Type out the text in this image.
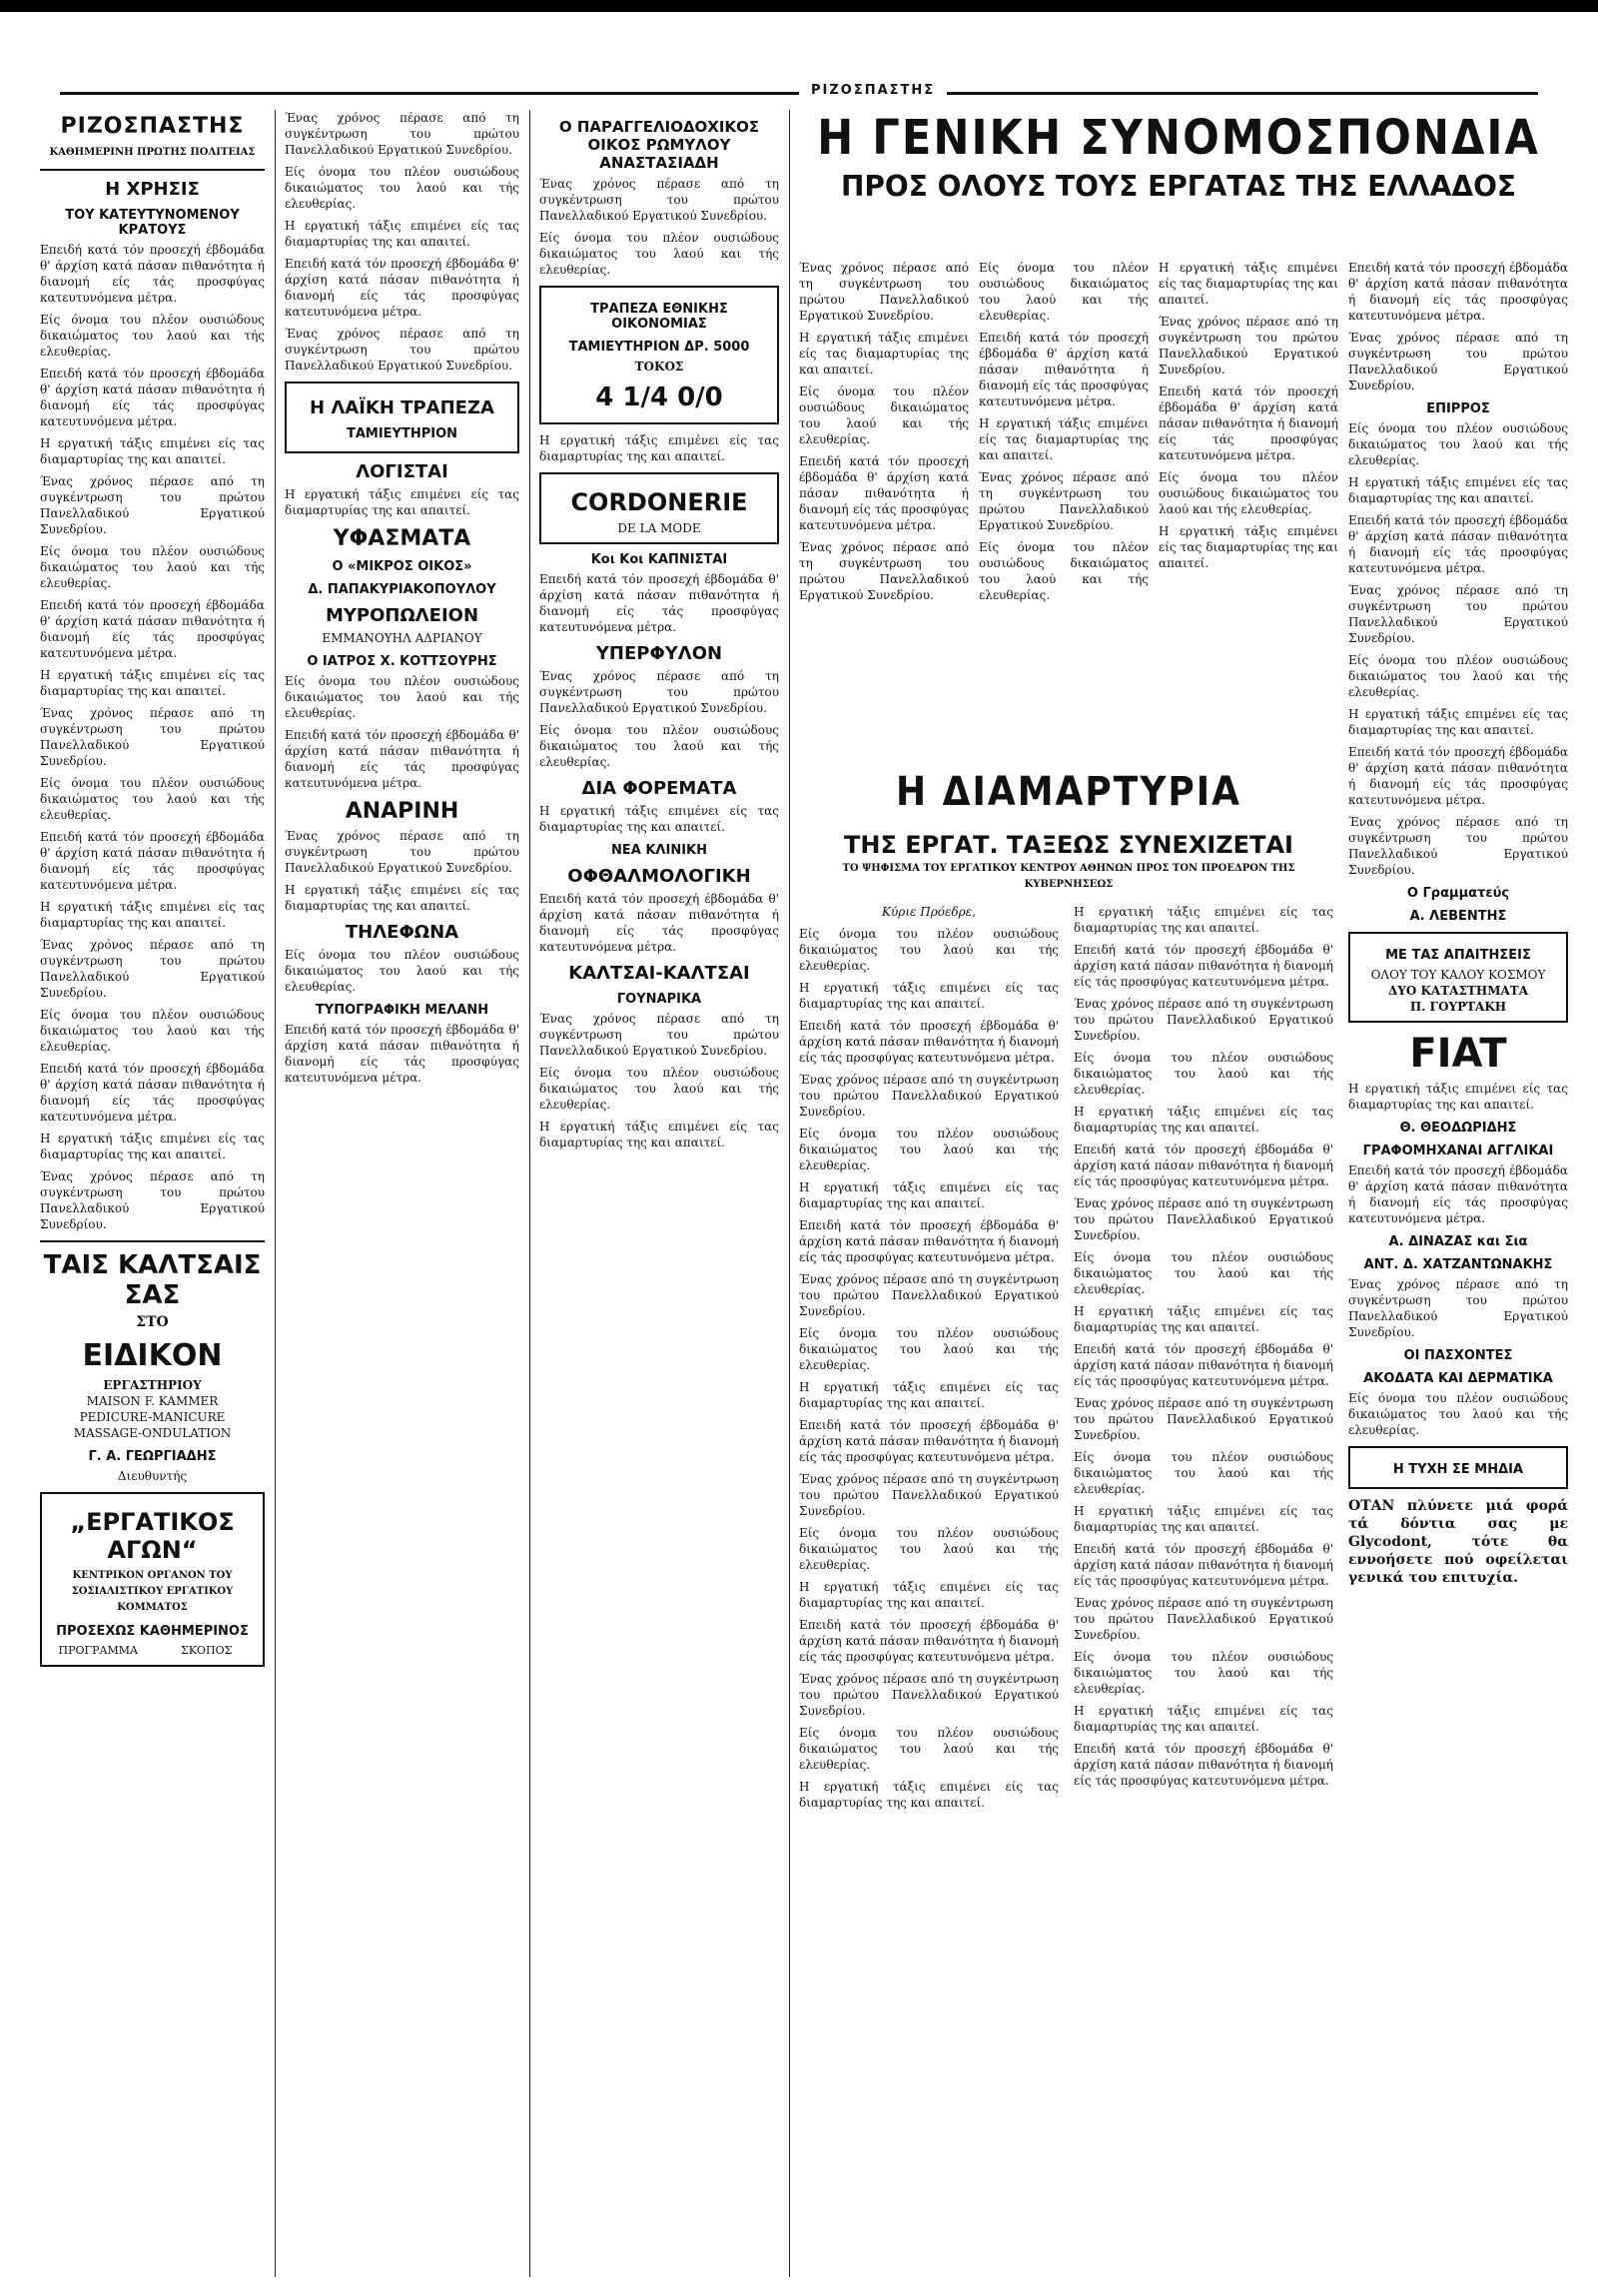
ΡΙΖΟΣΠΑΣΤΗΣ
ΡΙΖΟΣΠΑΣΤΗΣ
ΚΑΘΗΜΕΡΙΝΗ ΠΡΩΤΗΣ ΠΟΛΙΤΕΙΑΣ
Η ΧΡΗΣΙΣ
ΤΟΥ ΚΑΤΕΥΤΥΝΟΜΕΝΟΥ ΚΡΑΤΟΥΣ

Επειδή κατά τόν προσεχή έβδομάδα θ' άρχίση κατά πάσαν πιθανότητα ή διανομή είς τάς προσφύγας κατευτυνόμενα μέτρα.

Είς όνομα του πλέον ουσιώδους δικαιώματος του λαού και τής ελευθερίας.

Επειδή κατά τόν προσεχή έβδομάδα θ' άρχίση κατά πάσαν πιθανότητα ή διανομή είς τάς προσφύγας κατευτυνόμενα μέτρα.

Η εργατική τάξις επιμένει είς τας διαμαρτυρίας της και απαιτεί.

Ένας χρόνος πέρασε από τη συγκέντρωση του πρώτου Πανελλαδικού Εργατικού Συνεδρίου.

Είς όνομα του πλέον ουσιώδους δικαιώματος του λαού και τής ελευθερίας.

Επειδή κατά τόν προσεχή έβδομάδα θ' άρχίση κατά πάσαν πιθανότητα ή διανομή είς τάς προσφύγας κατευτυνόμενα μέτρα.

Η εργατική τάξις επιμένει είς τας διαμαρτυρίας της και απαιτεί.

Ένας χρόνος πέρασε από τη συγκέντρωση του πρώτου Πανελλαδικού Εργατικού Συνεδρίου.

Είς όνομα του πλέον ουσιώδους δικαιώματος του λαού και τής ελευθερίας.

Επειδή κατά τόν προσεχή έβδομάδα θ' άρχίση κατά πάσαν πιθανότητα ή διανομή είς τάς προσφύγας κατευτυνόμενα μέτρα.

Η εργατική τάξις επιμένει είς τας διαμαρτυρίας της και απαιτεί.

Ένας χρόνος πέρασε από τη συγκέντρωση του πρώτου Πανελλαδικού Εργατικού Συνεδρίου.

Είς όνομα του πλέον ουσιώδους δικαιώματος του λαού και τής ελευθερίας.

Επειδή κατά τόν προσεχή έβδομάδα θ' άρχίση κατά πάσαν πιθανότητα ή διανομή είς τάς προσφύγας κατευτυνόμενα μέτρα.

Η εργατική τάξις επιμένει είς τας διαμαρτυρίας της και απαιτεί.

Ένας χρόνος πέρασε από τη συγκέντρωση του πρώτου Πανελλαδικού Εργατικού Συνεδρίου.

ΤΑΙΣ ΚΑΛΤΣΑΙΣ ΣΑΣ
ΣΤΟ
ΕΙΔΙΚΟΝ
ΕΡΓΑΣΤΗΡΙΟΥ
MAISON F. KAMMER
PEDICURE-MANICURE
MASSAGE-ONDULATION
Γ. Α. ΓΕΩΡΓΙΑΔΗΣ
Διευθυντής
„ΕΡΓΑΤΙΚΟΣ ΑΓΩΝ“
ΚΕΝΤΡΙΚΟΝ ΟΡΓΑΝΟΝ ΤΟΥ ΣΟΣΙΑΛΙΣΤΙΚΟΥ ΕΡΓΑΤΙΚΟΥ ΚΟΜΜΑΤΟΣ
ΠΡΟΣΕΧΩΣ ΚΑΘΗΜΕΡΙΝΟΣ
ΠΡΟΓΡΑΜΜΑ	ΣΚΟΠΟΣ

Ένας χρόνος πέρασε από τη συγκέντρωση του πρώτου Πανελλαδικού Εργατικού Συνεδρίου.

Είς όνομα του πλέον ουσιώδους δικαιώματος του λαού και τής ελευθερίας.

Η εργατική τάξις επιμένει είς τας διαμαρτυρίας της και απαιτεί.

Επειδή κατά τόν προσεχή έβδομάδα θ' άρχίση κατά πάσαν πιθανότητα ή διανομή είς τάς προσφύγας κατευτυνόμενα μέτρα.

Ένας χρόνος πέρασε από τη συγκέντρωση του πρώτου Πανελλαδικού Εργατικού Συνεδρίου.

Η ΛΑΪΚΗ ΤΡΑΠΕΖΑ
ΤΑΜΙΕΥΤΗΡΙΟΝ
ΛΟΓΙΣΤΑΙ

Η εργατική τάξις επιμένει είς τας διαμαρτυρίας της και απαιτεί.

ΥΦΑΣΜΑΤΑ
Ο «ΜΙΚΡΟΣ ΟΙΚΟΣ»
Δ. ΠΑΠΑΚΥΡΙΑΚΟΠΟΥΛΟΥ
ΜΥΡΟΠΩΛΕΙΟΝ
ΕΜΜΑΝΟΥΗΛ ΑΔΡΙΑΝΟΥ
Ο ΙΑΤΡΟΣ Χ. ΚΟΤΤΣΟΥΡΗΣ

Είς όνομα του πλέον ουσιώδους δικαιώματος του λαού και τής ελευθερίας.

Επειδή κατά τόν προσεχή έβδομάδα θ' άρχίση κατά πάσαν πιθανότητα ή διανομή είς τάς προσφύγας κατευτυνόμενα μέτρα.

ΑΝΑΡΙΝΗ

Ένας χρόνος πέρασε από τη συγκέντρωση του πρώτου Πανελλαδικού Εργατικού Συνεδρίου.

Η εργατική τάξις επιμένει είς τας διαμαρτυρίας της και απαιτεί.

ΤΗΛΕΦΩΝΑ

Είς όνομα του πλέον ουσιώδους δικαιώματος του λαού και τής ελευθερίας.

ΤΥΠΟΓΡΑΦΙΚΗ ΜΕΛΑΝΗ

Επειδή κατά τόν προσεχή έβδομάδα θ' άρχίση κατά πάσαν πιθανότητα ή διανομή είς τάς προσφύγας κατευτυνόμενα μέτρα.

Ο ΠΑΡΑΓΓΕΛΙΟΔΟΧΙΚΟΣ ΟΙΚΟΣ ΡΩΜΥΛΟΥ ΑΝΑΣΤΑΣΙΑΔΗ

Ένας χρόνος πέρασε από τη συγκέντρωση του πρώτου Πανελλαδικού Εργατικού Συνεδρίου.

Είς όνομα του πλέον ουσιώδους δικαιώματος του λαού και τής ελευθερίας.

ΤΡΑΠΕΖΑ ΕΘΝΙΚΗΣ ΟΙΚΟΝΟΜΙΑΣ
ΤΑΜΙΕΥΤΗΡΙΟΝ ΔΡ. 5000
ΤΟΚΟΣ
4 1/4 0/0

Η εργατική τάξις επιμένει είς τας διαμαρτυρίας της και απαιτεί.

CORDONERIE
DE LA MODE
Κοι Κοι ΚΑΠΝΙΣΤΑΙ

Επειδή κατά τόν προσεχή έβδομάδα θ' άρχίση κατά πάσαν πιθανότητα ή διανομή είς τάς προσφύγας κατευτυνόμενα μέτρα.

ΥΠΕΡΦΥΛΟΝ

Ένας χρόνος πέρασε από τη συγκέντρωση του πρώτου Πανελλαδικού Εργατικού Συνεδρίου.

Είς όνομα του πλέον ουσιώδους δικαιώματος του λαού και τής ελευθερίας.

ΔΙΑ ΦΟΡΕΜΑΤΑ

Η εργατική τάξις επιμένει είς τας διαμαρτυρίας της και απαιτεί.

ΝΕΑ ΚΛΙΝΙΚΗ
ΟΦΘΑΛΜΟΛΟΓΙΚΗ

Επειδή κατά τόν προσεχή έβδομάδα θ' άρχίση κατά πάσαν πιθανότητα ή διανομή είς τάς προσφύγας κατευτυνόμενα μέτρα.

ΚΑΛΤΣΑΙ-ΚΑΛΤΣΑΙ
ΓΟΥΝΑΡΙΚΑ

Ένας χρόνος πέρασε από τη συγκέντρωση του πρώτου Πανελλαδικού Εργατικού Συνεδρίου.

Είς όνομα του πλέον ουσιώδους δικαιώματος του λαού και τής ελευθερίας.

Η εργατική τάξις επιμένει είς τας διαμαρτυρίας της και απαιτεί.

Η ΓΕΝΙΚΗ ΣΥΝΟΜΟΣΠΟΝΔΙΑ
ΠΡΟΣ ΟΛΟΥΣ ΤΟΥΣ ΕΡΓΑΤΑΣ ΤΗΣ ΕΛΛΑΔΟΣ

Ένας χρόνος πέρασε από τη συγκέντρωση του πρώτου Πανελλαδικού Εργατικού Συνεδρίου.

Η εργατική τάξις επιμένει είς τας διαμαρτυρίας της και απαιτεί.

Είς όνομα του πλέον ουσιώδους δικαιώματος του λαού και τής ελευθερίας.

Επειδή κατά τόν προσεχή έβδομάδα θ' άρχίση κατά πάσαν πιθανότητα ή διανομή είς τάς προσφύγας κατευτυνόμενα μέτρα.

Ένας χρόνος πέρασε από τη συγκέντρωση του πρώτου Πανελλαδικού Εργατικού Συνεδρίου.

Είς όνομα του πλέον ουσιώδους δικαιώματος του λαού και τής ελευθερίας.

Επειδή κατά τόν προσεχή έβδομάδα θ' άρχίση κατά πάσαν πιθανότητα ή διανομή είς τάς προσφύγας κατευτυνόμενα μέτρα.

Η εργατική τάξις επιμένει είς τας διαμαρτυρίας της και απαιτεί.

Ένας χρόνος πέρασε από τη συγκέντρωση του πρώτου Πανελλαδικού Εργατικού Συνεδρίου.

Είς όνομα του πλέον ουσιώδους δικαιώματος του λαού και τής ελευθερίας.

Η εργατική τάξις επιμένει είς τας διαμαρτυρίας της και απαιτεί.

Ένας χρόνος πέρασε από τη συγκέντρωση του πρώτου Πανελλαδικού Εργατικού Συνεδρίου.

Επειδή κατά τόν προσεχή έβδομάδα θ' άρχίση κατά πάσαν πιθανότητα ή διανομή είς τάς προσφύγας κατευτυνόμενα μέτρα.

Είς όνομα του πλέον ουσιώδους δικαιώματος του λαού και τής ελευθερίας.

Η εργατική τάξις επιμένει είς τας διαμαρτυρίας της και απαιτεί.

Επειδή κατά τόν προσεχή έβδομάδα θ' άρχίση κατά πάσαν πιθανότητα ή διανομή είς τάς προσφύγας κατευτυνόμενα μέτρα.

Ένας χρόνος πέρασε από τη συγκέντρωση του πρώτου Πανελλαδικού Εργατικού Συνεδρίου.

ΕΠΙΡΡΟΣ

Είς όνομα του πλέον ουσιώδους δικαιώματος του λαού και τής ελευθερίας.

Η εργατική τάξις επιμένει είς τας διαμαρτυρίας της και απαιτεί.

Επειδή κατά τόν προσεχή έβδομάδα θ' άρχίση κατά πάσαν πιθανότητα ή διανομή είς τάς προσφύγας κατευτυνόμενα μέτρα.

Ένας χρόνος πέρασε από τη συγκέντρωση του πρώτου Πανελλαδικού Εργατικού Συνεδρίου.

Είς όνομα του πλέον ουσιώδους δικαιώματος του λαού και τής ελευθερίας.

Η εργατική τάξις επιμένει είς τας διαμαρτυρίας της και απαιτεί.

Επειδή κατά τόν προσεχή έβδομάδα θ' άρχίση κατά πάσαν πιθανότητα ή διανομή είς τάς προσφύγας κατευτυνόμενα μέτρα.

Ένας χρόνος πέρασε από τη συγκέντρωση του πρώτου Πανελλαδικού Εργατικού Συνεδρίου.

Ο Γραμματεύς
Α. ΛΕΒΕΝΤΗΣ
ΜΕ ΤΑΣ ΑΠΑΙΤΗΣΕΙΣ
ΟΛΟΥ ΤΟΥ ΚΑΛΟΥ ΚΟΣΜΟΥ
ΔΥΟ ΚΑΤΑΣΤΗΜΑΤΑ
Π. ΓΟΥΡΤΑΚΗ
FIAT

Η εργατική τάξις επιμένει είς τας διαμαρτυρίας της και απαιτεί.

Θ. ΘΕΟΔΩΡΙΔΗΣ
ΓΡΑΦΟΜΗΧΑΝΑΙ ΑΓΓΛΙΚΑΙ

Επειδή κατά τόν προσεχή έβδομάδα θ' άρχίση κατά πάσαν πιθανότητα ή διανομή είς τάς προσφύγας κατευτυνόμενα μέτρα.

Α. ΔΙΝΑΖΑΣ και Σια
ΑΝΤ. Δ. ΧΑΤΖΑΝΤΩΝΑΚΗΣ

Ένας χρόνος πέρασε από τη συγκέντρωση του πρώτου Πανελλαδικού Εργατικού Συνεδρίου.

ΟΙ ΠΑΣΧΟΝΤΕΣ
ΑΚΟΔΑΤΑ ΚΑΙ ΔΕΡΜΑΤΙΚΑ

Είς όνομα του πλέον ουσιώδους δικαιώματος του λαού και τής ελευθερίας.

Η ΤΥΧΗ ΣΕ ΜΗΔΙΑ

ΟΤΑΝ πλύνετε μιά φορά τά δόντια σας με Glycodont, τότε θα εννοήσετε πού οφείλεται γενικά του επιτυχία.

Η ΔΙΑΜΑΡΤΥΡΙΑ
ΤΗΣ ΕΡΓΑΤ. ΤΑΞΕΩΣ ΣΥΝΕΧΙΖΕΤΑΙ
ΤΟ ΨΗΦΙΣΜΑ ΤΟΥ ΕΡΓΑΤΙΚΟΥ ΚΕΝΤΡΟΥ ΑΘΗΝΩΝ ΠΡΟΣ ΤΟΝ ΠΡΟΕΔΡΟΝ ΤΗΣ ΚΥΒΕΡΝΗΣΕΩΣ
Κύριε Πρόεδρε,

Είς όνομα του πλέον ουσιώδους δικαιώματος του λαού και τής ελευθερίας.

Η εργατική τάξις επιμένει είς τας διαμαρτυρίας της και απαιτεί.

Επειδή κατά τόν προσεχή έβδομάδα θ' άρχίση κατά πάσαν πιθανότητα ή διανομή είς τάς προσφύγας κατευτυνόμενα μέτρα.

Ένας χρόνος πέρασε από τη συγκέντρωση του πρώτου Πανελλαδικού Εργατικού Συνεδρίου.

Είς όνομα του πλέον ουσιώδους δικαιώματος του λαού και τής ελευθερίας.

Η εργατική τάξις επιμένει είς τας διαμαρτυρίας της και απαιτεί.

Επειδή κατά τόν προσεχή έβδομάδα θ' άρχίση κατά πάσαν πιθανότητα ή διανομή είς τάς προσφύγας κατευτυνόμενα μέτρα.

Ένας χρόνος πέρασε από τη συγκέντρωση του πρώτου Πανελλαδικού Εργατικού Συνεδρίου.

Είς όνομα του πλέον ουσιώδους δικαιώματος του λαού και τής ελευθερίας.

Η εργατική τάξις επιμένει είς τας διαμαρτυρίας της και απαιτεί.

Επειδή κατά τόν προσεχή έβδομάδα θ' άρχίση κατά πάσαν πιθανότητα ή διανομή είς τάς προσφύγας κατευτυνόμενα μέτρα.

Ένας χρόνος πέρασε από τη συγκέντρωση του πρώτου Πανελλαδικού Εργατικού Συνεδρίου.

Είς όνομα του πλέον ουσιώδους δικαιώματος του λαού και τής ελευθερίας.

Η εργατική τάξις επιμένει είς τας διαμαρτυρίας της και απαιτεί.

Επειδή κατά τόν προσεχή έβδομάδα θ' άρχίση κατά πάσαν πιθανότητα ή διανομή είς τάς προσφύγας κατευτυνόμενα μέτρα.

Ένας χρόνος πέρασε από τη συγκέντρωση του πρώτου Πανελλαδικού Εργατικού Συνεδρίου.

Είς όνομα του πλέον ουσιώδους δικαιώματος του λαού και τής ελευθερίας.

Η εργατική τάξις επιμένει είς τας διαμαρτυρίας της και απαιτεί.

Η εργατική τάξις επιμένει είς τας διαμαρτυρίας της και απαιτεί.

Επειδή κατά τόν προσεχή έβδομάδα θ' άρχίση κατά πάσαν πιθανότητα ή διανομή είς τάς προσφύγας κατευτυνόμενα μέτρα.

Ένας χρόνος πέρασε από τη συγκέντρωση του πρώτου Πανελλαδικού Εργατικού Συνεδρίου.

Είς όνομα του πλέον ουσιώδους δικαιώματος του λαού και τής ελευθερίας.

Η εργατική τάξις επιμένει είς τας διαμαρτυρίας της και απαιτεί.

Επειδή κατά τόν προσεχή έβδομάδα θ' άρχίση κατά πάσαν πιθανότητα ή διανομή είς τάς προσφύγας κατευτυνόμενα μέτρα.

Ένας χρόνος πέρασε από τη συγκέντρωση του πρώτου Πανελλαδικού Εργατικού Συνεδρίου.

Είς όνομα του πλέον ουσιώδους δικαιώματος του λαού και τής ελευθερίας.

Η εργατική τάξις επιμένει είς τας διαμαρτυρίας της και απαιτεί.

Επειδή κατά τόν προσεχή έβδομάδα θ' άρχίση κατά πάσαν πιθανότητα ή διανομή είς τάς προσφύγας κατευτυνόμενα μέτρα.

Ένας χρόνος πέρασε από τη συγκέντρωση του πρώτου Πανελλαδικού Εργατικού Συνεδρίου.

Είς όνομα του πλέον ουσιώδους δικαιώματος του λαού και τής ελευθερίας.

Η εργατική τάξις επιμένει είς τας διαμαρτυρίας της και απαιτεί.

Επειδή κατά τόν προσεχή έβδομάδα θ' άρχίση κατά πάσαν πιθανότητα ή διανομή είς τάς προσφύγας κατευτυνόμενα μέτρα.

Ένας χρόνος πέρασε από τη συγκέντρωση του πρώτου Πανελλαδικού Εργατικού Συνεδρίου.

Είς όνομα του πλέον ουσιώδους δικαιώματος του λαού και τής ελευθερίας.

Η εργατική τάξις επιμένει είς τας διαμαρτυρίας της και απαιτεί.

Επειδή κατά τόν προσεχή έβδομάδα θ' άρχίση κατά πάσαν πιθανότητα ή διανομή είς τάς προσφύγας κατευτυνόμενα μέτρα.
